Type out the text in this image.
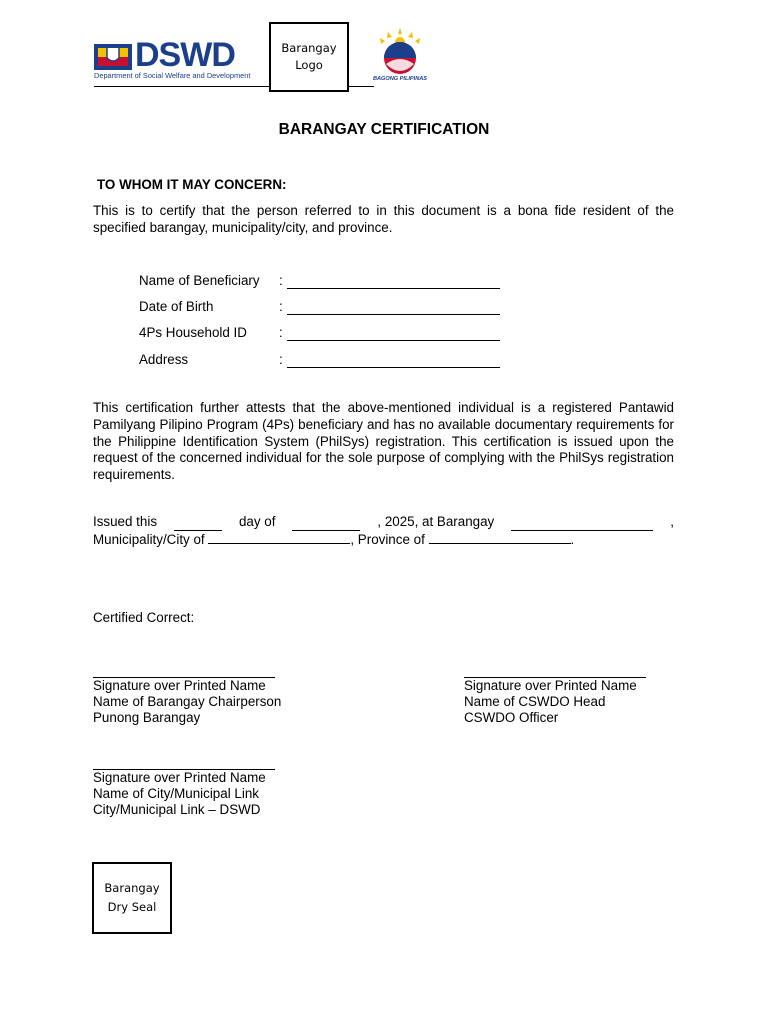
DSWD
Department of Social Welfare and Development
Barangay
Logo
BAGONG PILIPINAS
BARANGAY CERTIFICATION
TO WHOM IT MAY CONCERN:
This is to certify that the person referred to in this document is a bona fide resident of the specified barangay, municipality/city, and province.
Name of Beneficiary :
Date of Birth	:
4Ps Household ID :
Address	:
This certification further attests that the above-mentioned individual is a registered Pantawid Pamilyang Pilipino Program (4Ps) beneficiary and has no available documentary requirements for the Philippine Identification System (PhilSys) registration. This certification is issued upon the request of the concerned individual for the sole purpose of complying with the PhilSys registration requirements.
Issued this	day of	, 2025, at Barangay	,
Municipality/City of	, Province of	.
Certified Correct:
Signature over Printed Name
Name of Barangay Chairperson
Punong Barangay
Signature over Printed Name
Name of CSWDO Head
CSWDO Officer
Signature over Printed Name
Name of City/Municipal Link
City/Municipal Link – DSWD
Barangay
Dry Seal
